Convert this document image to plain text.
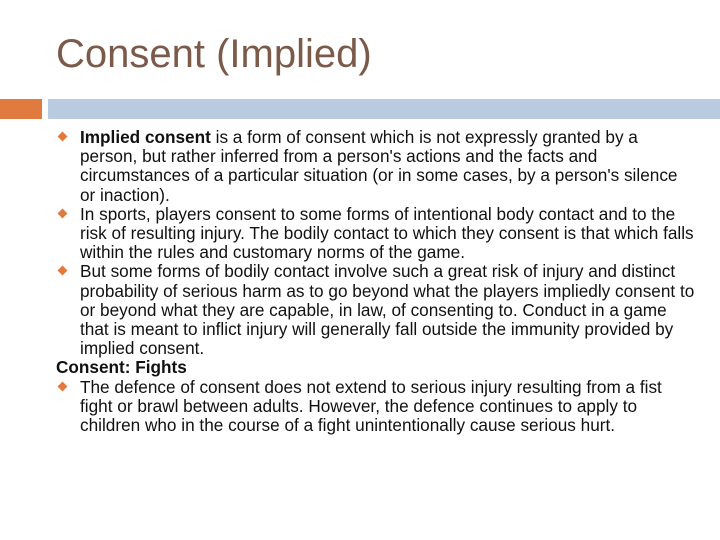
Consent (Implied)
Implied consent is a form of consent which is not expressly granted by a person, but rather inferred from a person's actions and the facts and circumstances of a particular situation (or in some cases, by a person's silence or inaction).
In sports, players consent to some forms of intentional body contact and to the risk of resulting injury. The bodily contact to which they consent is that which falls within the rules and customary norms of the game.
But some forms of bodily contact involve such a great risk of injury and distinct probability of serious harm as to go beyond what the players impliedly consent to or beyond what they are capable, in law, of consenting to. Conduct in a game that is meant to inflict injury will generally fall outside the immunity provided by implied consent.
Consent: Fights
The defence of consent does not extend to serious injury resulting from a fist fight or brawl between adults. However, the defence continues to apply to children who in the course of a fight unintentionally cause serious hurt.
